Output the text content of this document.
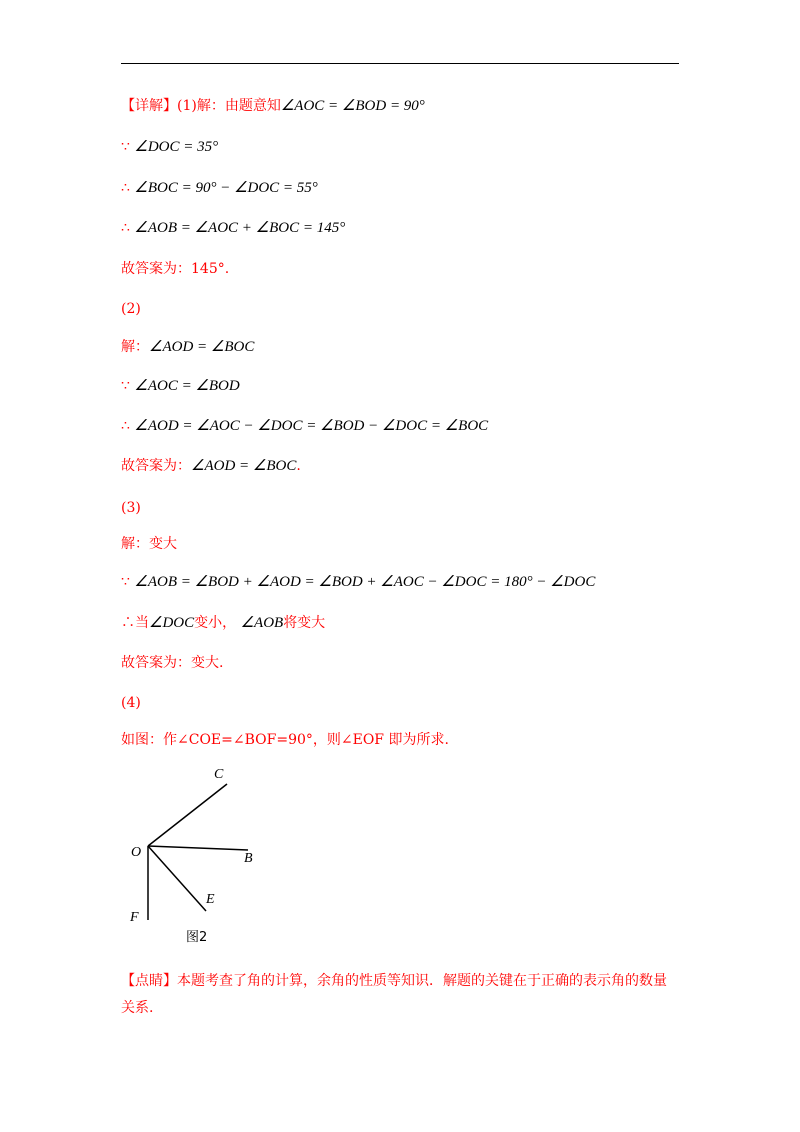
【详解】(1)解：由题意知∠AOC = ∠BOD = 90°
∵ ∠DOC = 35°
∴ ∠BOC = 90° − ∠DOC = 55°
∴ ∠AOB = ∠AOC + ∠BOC = 145°
故答案为：145°.
(2)
解：∠AOD = ∠BOC
∵ ∠AOC = ∠BOD
∴ ∠AOD = ∠AOC − ∠DOC = ∠BOD − ∠DOC = ∠BOC
故答案为：∠AOD = ∠BOC.
(3)
解：变大
∵ ∠AOB = ∠BOD + ∠AOD = ∠BOD + ∠AOC − ∠DOC = 180° − ∠DOC
∴当∠DOC变小， ∠AOB将变大
故答案为：变大.
(4)
如图：作∠COE=∠BOF=90°，则∠EOF 即为所求.
C
O	B
E
F
图2
【点睛】本题考查了角的计算，余角的性质等知识．解题的关键在于正确的表示角的数量
关系.
